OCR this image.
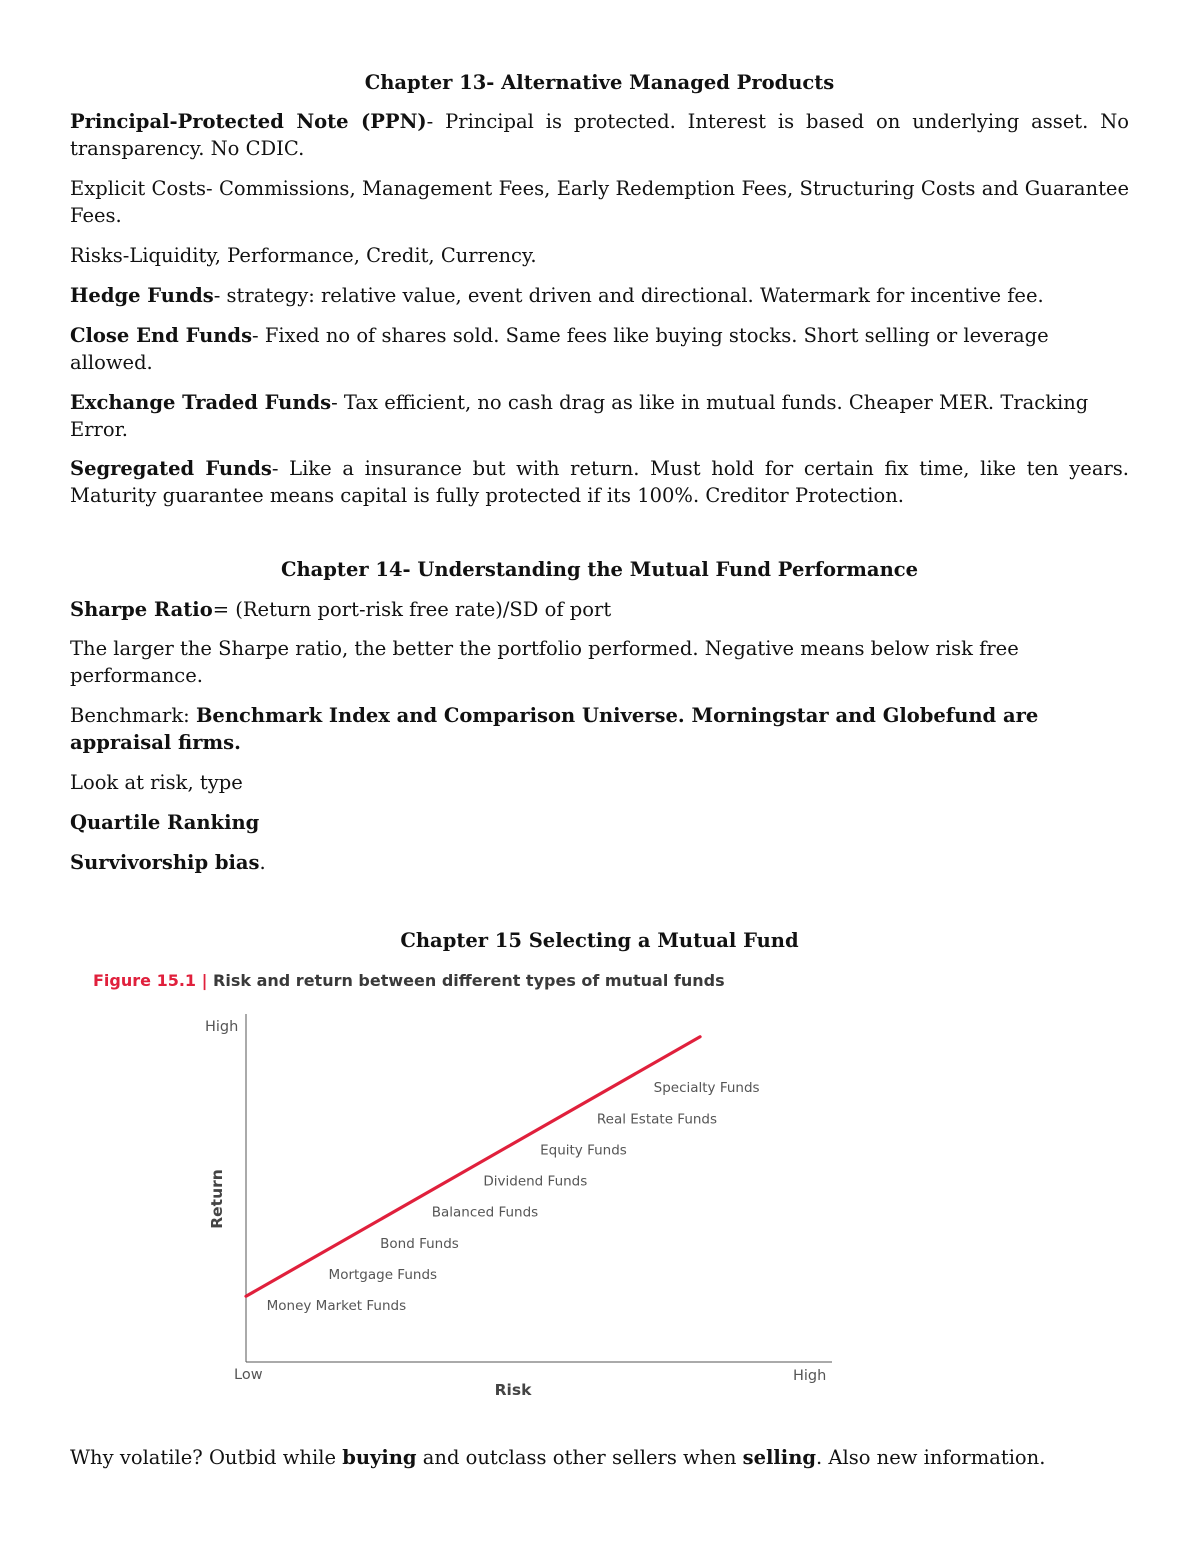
Chapter 13- Alternative Managed Products

Principal-Protected Note (PPN)- Principal is protected. Interest is based on underlying asset. No transparency. No CDIC.

Explicit Costs- Commissions, Management Fees, Early Redemption Fees, Structuring Costs and Guarantee Fees.

Risks-Liquidity, Performance, Credit, Currency.

Hedge Funds- strategy: relative value, event driven and directional. Watermark for incentive fee.

Close End Funds- Fixed no of shares sold. Same fees like buying stocks. Short selling or leverage allowed.

Exchange Traded Funds- Tax efficient, no cash drag as like in mutual funds. Cheaper MER. Tracking Error.

Segregated Funds- Like a insurance but with return. Must hold for certain fix time, like ten years. Maturity guarantee means capital is fully protected if its 100%. Creditor Protection.

Chapter 14- Understanding the Mutual Fund Performance

Sharpe Ratio= (Return port-risk free rate)/SD of port

The larger the Sharpe ratio, the better the portfolio performed. Negative means below risk free performance.

Benchmark: Benchmark Index and Comparison Universe. Morningstar and Globefund are appraisal firms.

Look at risk, type

Quartile Ranking

Survivorship bias.

Chapter 15 Selecting a Mutual Fund
Figure 15.1 | Risk and return between different types of mutual funds
High
Low	High
Risk
Return
Money Market Funds
Mortgage Funds
Bond Funds
Balanced Funds
Dividend Funds
Equity Funds
Real Estate Funds
Specialty Funds

Why volatile? Outbid while buying and outclass other sellers when selling. Also new information.
